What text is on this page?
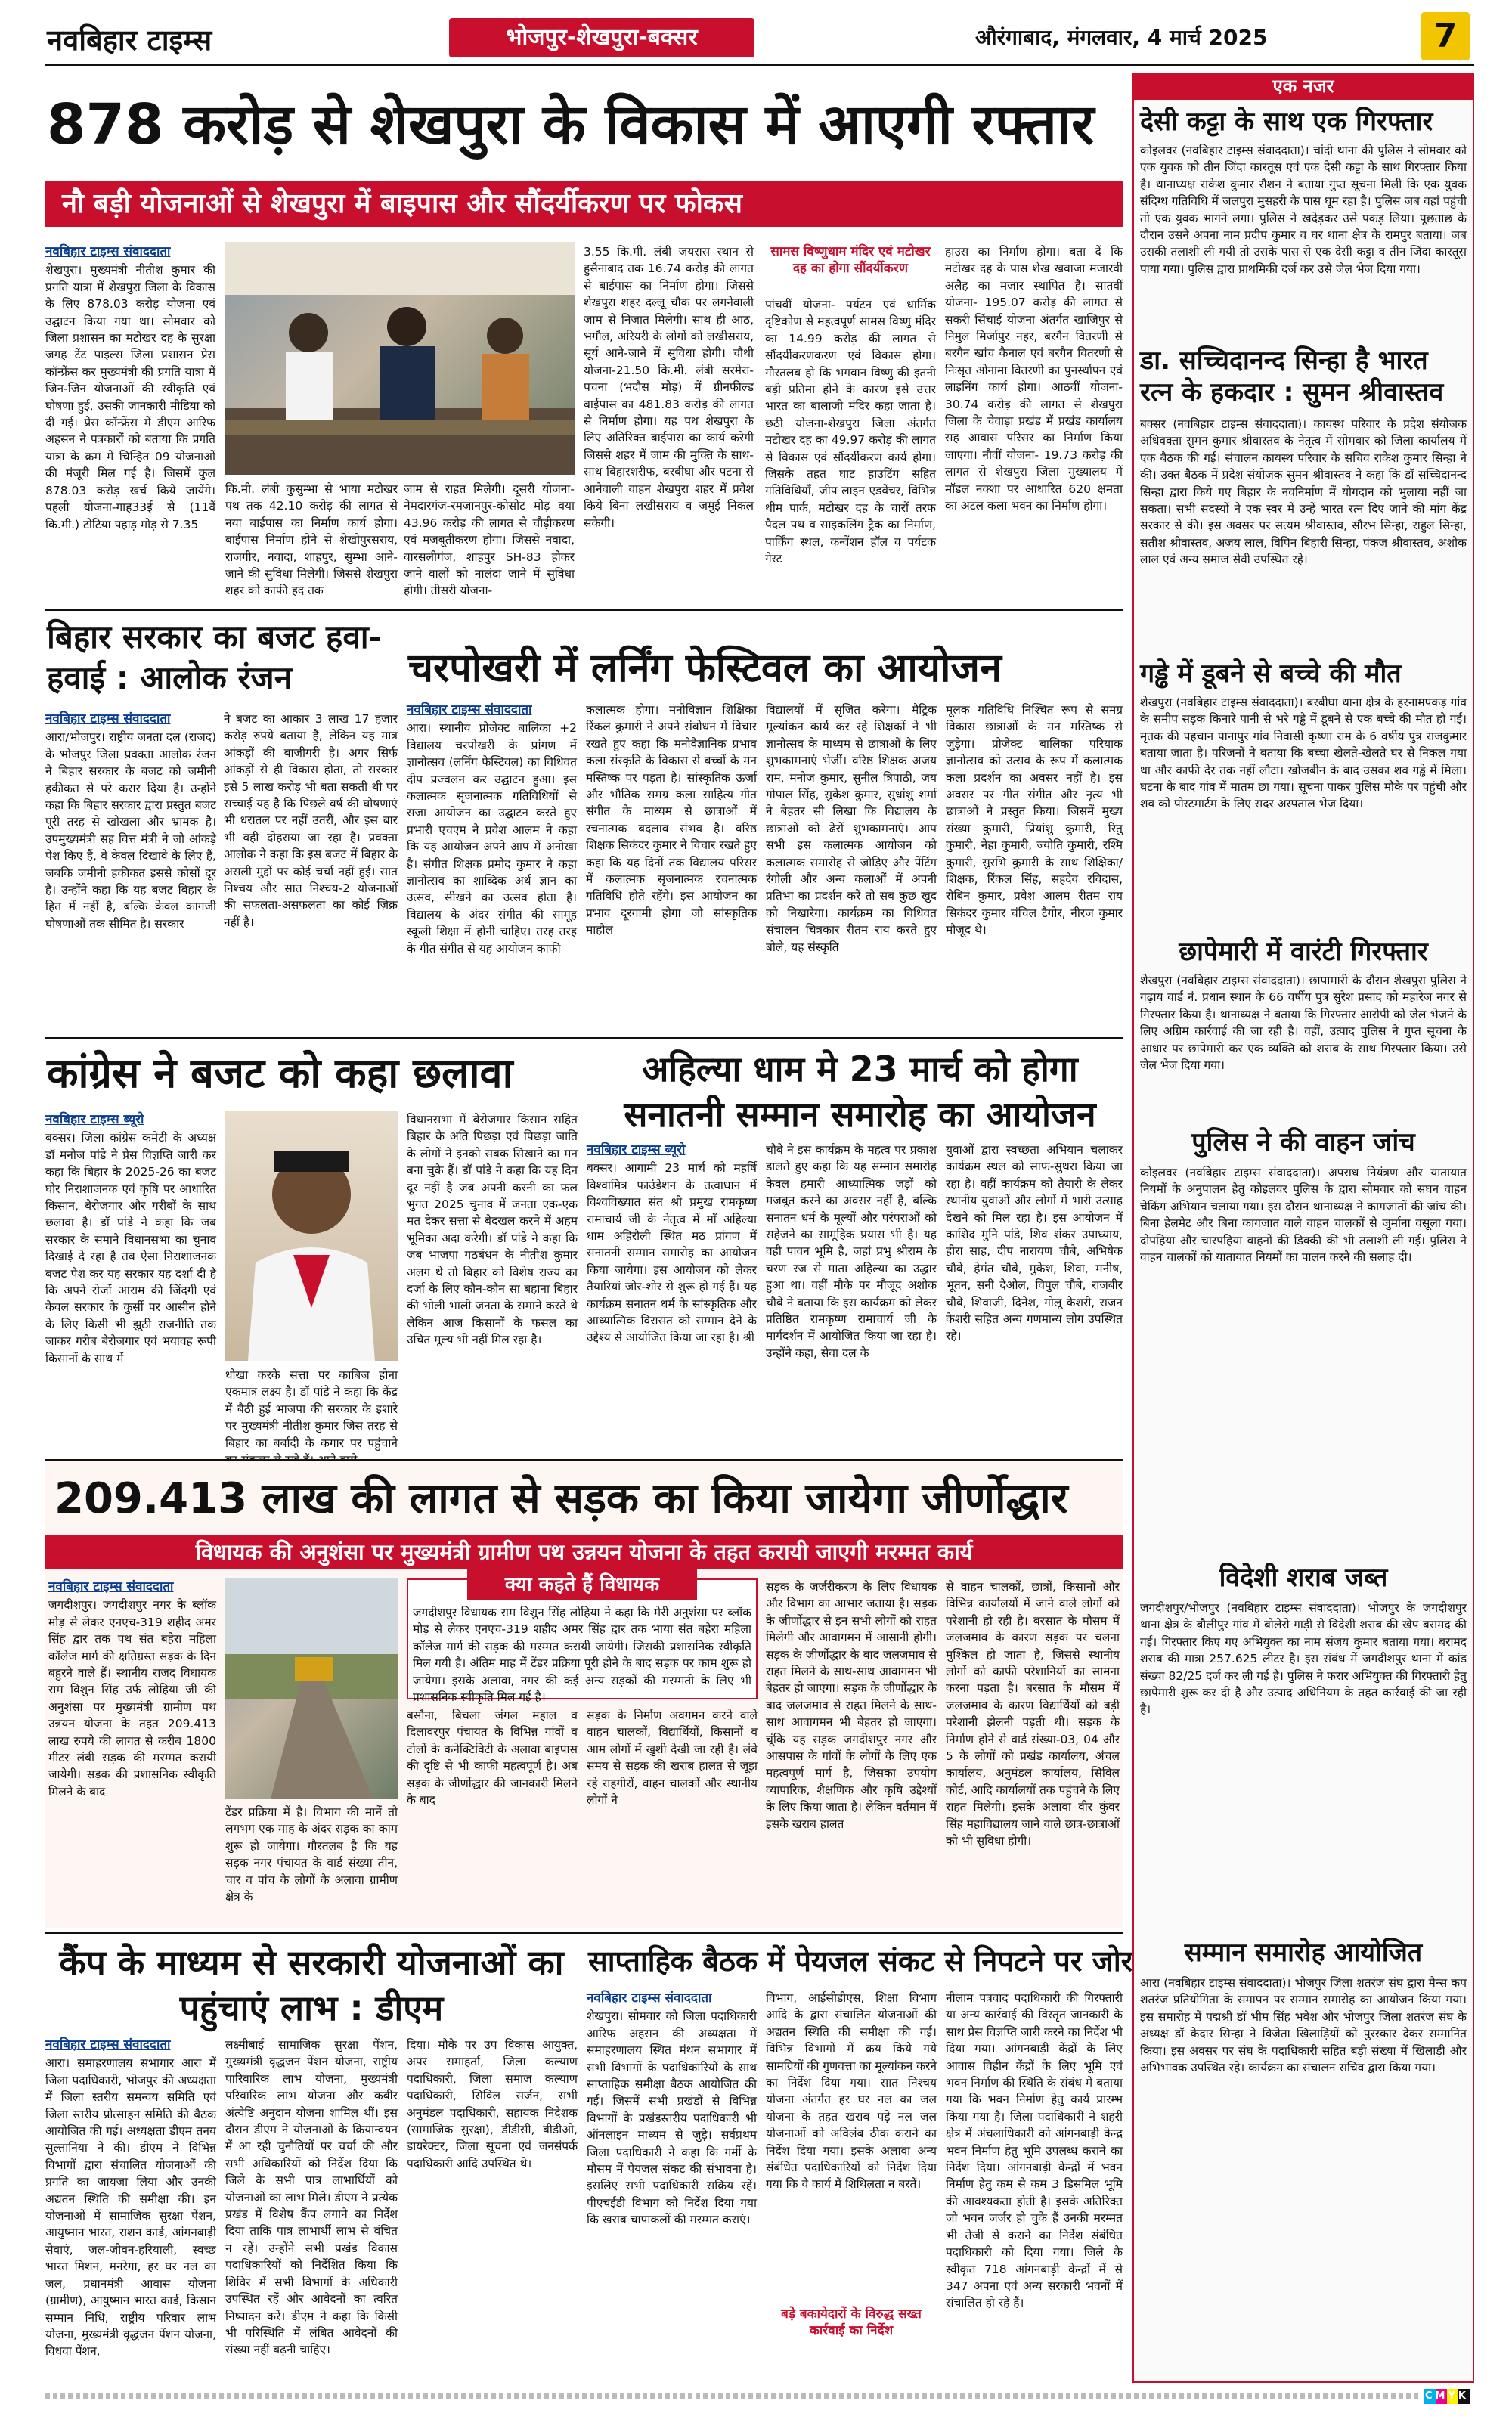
नवबिहार टाइम्स	भोजपुर-शेखपुरा-बक्सर	औरंगाबाद, मंगलवार, 4 मार्च 2025	7
878 करोड़ से शेखपुरा के विकास में आएगी रफ्तार
नौ बड़ी योजनाओं से शेखपुरा में बाइपास और सौंदर्यीकरण पर फोकस
नवबिहार टाइम्स संवाददाता
शेखपुरा। मुख्यमंत्री नीतीश कुमार की प्रगति यात्रा में शेखपुरा जिला के विकास के लिए 878.03 करोड़ योजना एवं उद्घाटन किया गया था। सोमवार को जिला प्रशासन का मटोखर दह के सुरक्षा जगह टेंट पाइल्स जिला प्रशासन प्रेस कॉन्फ्रेंस कर मुख्यमंत्री की प्रगति यात्रा में जिन-जिन योजनाओं की स्वीकृति एवं घोषणा हुई, उसकी जानकारी मीडिया को दी गई। प्रेस कॉन्फ्रेंस में डीएम आरिफ अहसन ने पत्रकारों को बताया कि प्रगति यात्रा के क्रम में चिन्हित 09 योजनाओं की मंजूरी मिल गई है। जिसमें कुल 878.03 करोड़ खर्च किये जायेंगे। पहली योजना-गाह33ई से (11वें कि.मी.) टोटिया पहाड़ मोड़ से 7.35
कि.मी. लंबी कुसुम्भा से भाया मटोखर पथ तक 42.10 करोड़ की लागत से नया बाईपास का निर्माण कार्य होगा। बाईपास निर्माण होने से शेखोपुरसराय, राजगीर, नवादा, शाहपुर, सुम्भा आने-जाने की सुविधा मिलेगी। जिससे शेखपुरा शहर को काफी हद तक
जाम से राहत मिलेगी। दूसरी योजना-नेमदारगंज-रमजानपुर-कोसोट मोड़ वया 43.96 करोड़ की लागत से चौड़ीकरण एवं मजबूतीकरण होगा। जिससे नवादा, वारसलीगंज, शाहपुर SH-83 होकर जाने वालों को नालंदा जाने में सुविधा होगी। तीसरी योजना-
3.55 कि.मी. लंबी जयरास स्थान से हुसैनाबाद तक 16.74 करोड़ की लागत से बाईपास का निर्माण होगा। जिससे शेखपुरा शहर दल्लू चौक पर लगनेवाली जाम से निजात मिलेगी। साथ ही आठ, भगौल, अरियरी के लोगों को लखीसराय, सूर्य आने-जाने में सुविधा होगी। चौथी योजना-21.50 कि.मी. लंबी सरमेरा-पचना (भदौस मोड़) में ग्रीनफील्ड बाईपास का 481.83 करोड़ की लागत से निर्माण होगा। यह पथ शेखपुरा के लिए अतिरिक्त बाईपास का कार्य करेगी जिससे शहर में जाम की मुक्ति के साथ-साथ बिहारशरीफ, बरबीघा और पटना से आनेवाली वाहन शेखपुरा शहर में प्रवेश किये बिना लखीसराय व जमुई निकल सकेगी।
सामस विष्णुधाम मंदिर एवं मटोखर दह का होगा सौंदर्यीकरण
पांचवीं योजना- पर्यटन एवं धार्मिक दृष्टिकोण से महत्वपूर्ण सामस विष्णु मंदिर का 14.99 करोड़ की लागत से सौंदर्यीकरणकरण एवं विकास होगा। गौरतलब हो कि भगवान विष्णु की इतनी बड़ी प्रतिमा होने के कारण इसे उत्तर भारत का बालाजी मंदिर कहा जाता है। छठी योजना-शेखपुरा जिला अंतर्गत मटोखर दह का 49.97 करोड़ की लागत से विकास एवं सौंदर्यीकरण कार्य होगा। जिसके तहत घाट हाउटिंग सहित गतिविधियाँ, जीप लाइन एडवेंचर, विभिन्न थीम पार्क, मटोखर दह के चारों तरफ पैदल पथ व साइकलिंग ट्रैक का निर्माण, पार्किंग स्थल, कन्वेंशन हॉल व पर्यटक गेस्ट
हाउस का निर्माण होगा। बता दें कि मटोखर दह के पास शेख खवाजा मजारवी अलैह का मजार स्थापित है। सातवीं योजना- 195.07 करोड़ की लागत से सकरी सिंचाई योजना अंतर्गत खाजिपुर से निमुल मिर्जापुर नहर, बरगैन वितरणी से बरगैन खांच कैनाल एवं बरगैन वितरणी से निःसृत ओनामा वितरणी का पुनर्स्थापन एवं लाइनिंग कार्य होगा। आठवीं योजना- 30.74 करोड़ की लागत से शेखपुरा जिला के चेवाड़ा प्रखंड में प्रखंड कार्यालय सह आवास परिसर का निर्माण किया जाएगा। नौवीं योजना- 19.73 करोड़ की लागत से शेखपुरा जिला मुख्यालय में मॉडल नक्शा पर आधारित 620 क्षमता का अटल कला भवन का निर्माण होगा।
बिहार सरकार का बजट हवा-हवाई : आलोक रंजन
नवबिहार टाइम्स संवाददाता
आरा/भोजपुर। राष्ट्रीय जनता दल (राजद) के भोजपुर जिला प्रवक्ता आलोक रंजन ने बिहार सरकार के बजट को जमीनी हकीकत से परे करार दिया है। उन्होंने कहा कि बिहार सरकार द्वारा प्रस्तुत बजट पूरी तरह से खोखला और भ्रामक है। उपमुख्यमंत्री सह वित्त मंत्री ने जो आंकड़े पेश किए हैं, वे केवल दिखावे के लिए हैं, जबकि जमीनी हकीकत इससे कोसों दूर है। उन्होंने कहा कि यह बजट बिहार के हित में नहीं है, बल्कि केवल कागजी घोषणाओं तक सीमित है। सरकार
ने बजट का आकार 3 लाख 17 हजार करोड़ रुपये बताया है, लेकिन यह मात्र आंकड़ों की बाजीगरी है। अगर सिर्फ आंकड़ों से ही विकास होता, तो सरकार इसे 5 लाख करोड़ भी बता सकती थी पर सच्चाई यह है कि पिछले वर्ष की घोषणाएं भी धरातल पर नहीं उतरीं, और इस बार भी वही दोहराया जा रहा है। प्रवक्ता आलोक ने कहा कि इस बजट में बिहार के असली मुद्दों पर कोई चर्चा नहीं हुई। सात निश्चय और सात निश्चय-2 योजनाओं की सफलता-असफलता का कोई ज़िक्र नहीं है।
चरपोखरी में लर्निंग फेस्टिवल का आयोजन
नवबिहार टाइम्स संवाददाता
आरा। स्थानीय प्रोजेक्ट बालिका +2 विद्यालय चरपोखरी के प्रांगण में ज्ञानोत्सव (लर्निंग फेस्टिवल) का विधिवत दीप प्रज्वलन कर उद्घाटन हुआ। इस कलात्मक सृजनात्मक गतिविधियों से सजा आयोजन का उद्घाटन करते हुए प्रभारी एचएम ने प्रवेश आलम ने कहा कि यह आयोजन अपने आप में अनोखा है। संगीत शिक्षक प्रमोद कुमार ने कहा ज्ञानोत्सव का शाब्दिक अर्थ ज्ञान का उत्सव, सीखने का उत्सव होता है। विद्यालय के अंदर संगीत की सामूह स्कूली शिक्षा में होनी चाहिए। तरह तरह के गीत संगीत से यह आयोजन काफी
कलात्मक होगा। मनोविज्ञान शिक्षिका रिंकल कुमारी ने अपने संबोधन में विचार रखते हुए कहा कि मनोवैज्ञानिक प्रभाव कला संस्कृति के विकास से बच्चों के मन मस्तिष्क पर पड़ता है। सांस्कृतिक ऊर्जा और भौतिक समग्र कला साहित्य गीत संगीत के माध्यम से छात्राओं में रचनात्मक बदलाव संभव है। वरिष्ठ शिक्षक सिकंदर कुमार ने विचार रखते हुए कहा कि यह दिनों तक विद्यालय परिसर में कलात्मक सृजनात्मक रचनात्मक गतिविधि होते रहेंगे। इस आयोजन का प्रभाव दूरगामी होगा जो सांस्कृतिक माहौल
विद्यालयों में सृजित करेगा। मैट्रिक मूल्यांकन कार्य कर रहे शिक्षकों ने भी ज्ञानोत्सव के माध्यम से छात्राओं के लिए शुभकामनाएं भेजीं। वरिष्ठ शिक्षक अजय राम, मनोज कुमार, सुनील त्रिपाठी, जय गोपाल सिंह, सुकेश कुमार, सुधांशु शर्मा ने बेहतर सी लिखा कि विद्यालय के छात्राओं को ढेरों शुभकामनाएं। आप सभी इस कलात्मक आयोजन को कलात्मक समारोह से जोड़िए और पेंटिंग रंगोली और अन्य कलाओं में अपनी प्रतिभा का प्रदर्शन करें तो सब कुछ खुद को निखारेगा। कार्यक्रम का विधिवत संचालन चित्रकार रीतम राय करते हुए बोले, यह संस्कृति
मूलक गतिविधि निश्चित रूप से समग्र विकास छात्राओं के मन मस्तिष्क से जुड़ेगा। प्रोजेक्ट बालिका परियाक ज्ञानोत्सव को उत्सव के रूप में कलात्मक कला प्रदर्शन का अवसर नहीं है। इस अवसर पर गीत संगीत और नृत्य भी छात्राओं ने प्रस्तुत किया। जिसमें मुख्य संख्या कुमारी, प्रियांशु कुमारी, रितु कुमारी, नेहा कुमारी, ज्योति कुमारी, रश्मि कुमारी, सुरभि कुमारी के साथ शिक्षिका/शिक्षक, रिंकल सिंह, सहदेव रविदास, रोबिन कुमार, प्रवेश आलम रीतम राय सिकंदर कुमार चंचिल टैगोर, नीरज कुमार मौजूद थे।
कांग्रेस ने बजट को कहा छलावा
नवबिहार टाइम्स ब्यूरो
बक्सर। जिला कांग्रेस कमेटी के अध्यक्ष डॉ मनोज पांडे ने प्रेस विज्ञप्ति जारी कर कहा कि बिहार के 2025-26 का बजट घोर निराशाजनक एवं कृषि पर आधारित किसान, बेरोजगार और गरीबों के साथ छलावा है। डॉ पांडे ने कहा कि जब सरकार के समाने विधानसभा का चुनाव दिखाई दे रहा है तब ऐसा निराशाजनक बजट पेश कर यह सरकार यह दर्शा दी है कि अपने रोजों आराम की जिंदगी एवं केवल सरकार के कुर्सी पर आसीन होने के लिए किसी भी झूठी राजनीति तक जाकर गरीब बेरोजगार एवं भयावह रूपी किसानों के साथ में
धोखा करके सत्ता पर काबिज होना एकमात्र लक्ष्य है। डॉ पांडे ने कहा कि केंद्र में बैठी हुई भाजपा की सरकार के इशारे पर मुख्यमंत्री नीतीश कुमार जिस तरह से बिहार का बर्बादी के कगार पर पहुंचाने
विधानसभा में बेरोजगार किसान सहित बिहार के अति पिछड़ा एवं पिछड़ा जाति के लोगों ने इनको सबक सिखाने का मन बना चुके हैं। डॉ पांडे ने कहा कि यह दिन दूर नहीं है जब अपनी करनी का फल भुगत 2025 चुनाव में जनता एक-एक मत देकर सत्ता से बेदखल करने में अहम भूमिका अदा करेगी। डॉ पांडे ने कहा कि जब भाजपा गठबंधन के नीतीश कुमार अलग थे तो बिहार को विशेष राज्य का दर्जा के लिए कौन-कौन सा बहाना बिहार की भोली भाली जनता के समाने करते थे लेकिन आज किसानों के फसल का उचित मूल्य भी नहीं मिल रहा है।
अहिल्या धाम मे 23 मार्च को होगा सनातनी सम्मान समारोह का आयोजन
नवबिहार टाइम्स ब्यूरो
बक्सर। आगामी 23 मार्च को महर्षि विश्वामित्र फाउंडेशन के तत्वाधान में विश्वविख्यात संत श्री प्रमुख रामकृष्ण रामाचार्य जी के नेतृत्व में माँ अहिल्या धाम अहिरौली स्थित मठ प्रांगण में सनातनी सम्मान समारोह का आयोजन किया जायेगा। इस आयोजन को लेकर तैयारियां जोर-शोर से शुरू हो गई हैं। यह कार्यक्रम सनातन धर्म के सांस्कृतिक और आध्यात्मिक विरासत को सम्मान देने के उद्देश्य से आयोजित किया जा रहा है। श्री
चौबे ने इस कार्यक्रम के महत्व पर प्रकाश डालते हुए कहा कि यह सम्मान समारोह केवल हमारी आध्यात्मिक जड़ों को मजबूत करने का अवसर नहीं है, बल्कि सनातन धर्म के मूल्यों और परंपराओं को सहेजने का सामूहिक प्रयास भी है। यह वही पावन भूमि है, जहां प्रभु श्रीराम के चरण रज से माता अहिल्या का उद्धार हुआ था। वहीं मौके पर मौजूद अशोक चौबे ने बताया कि इस कार्यक्रम को लेकर प्रतिष्ठित रामकृष्ण रामाचार्य जी के मार्गदर्शन में आयोजित किया जा रहा है। उन्होंने कहा, सेवा दल के
युवाओं द्वारा स्वच्छता अभियान चलाकर कार्यक्रम स्थल को साफ-सुथरा किया जा रहा है। वहीं कार्यक्रम को तैयारी के लेकर स्थानीय युवाओं और लोगों में भारी उत्साह देखने को मिल रहा है। इस आयोजन में काशिद मुनि पांडे, शिव शंकर उपाध्याय, हीरा साह, दीप नारायण चौबे, अभिषेक चौबे, हेमंत चौबे, मुकेश, शिवा, मनीष, भूतन, सनी देओल, विपुल चौबे, राजबीर चौबे, शिवाजी, दिनेश, गोलू केशरी, राजन केशरी सहित अन्य गणमान्य लोग उपस्थित रहे।
209.413 लाख की लागत से सड़क का किया जायेगा जीर्णोद्धार
विधायक की अनुशंसा पर मुख्यमंत्री ग्रामीण पथ उन्नयन योजना के तहत करायी जाएगी मरम्मत कार्य
नवबिहार टाइम्स संवाददाता
जगदीशपुर। जगदीशपुर नगर के ब्लॉक मोड़ से लेकर एनएच-319 शहीद अमर सिंह द्वार तक पथ संत बहेरा महिला कॉलेज मार्ग की क्षतिग्रस्त सड़क के दिन बहुरने वाले हैं। स्थानीय राजद विधायक राम विशुन सिंह उर्फ लोहिया जी की अनुशंसा पर मुख्यमंत्री ग्रामीण पथ उन्नयन योजना के तहत 209.413 लाख रुपये की लागत से करीब 1800 मीटर लंबी सड़क की मरम्मत करायी जायेगी। सड़क की प्रशासनिक स्वीकृति मिलने के बाद
टेंडर प्रक्रिया में है। विभाग की मानें तो लगभग एक माह के अंदर सड़क का काम शुरू हो जायेगा। गौरतलब है कि यह सड़क नगर पंचायत के वार्ड संख्या तीन, चार व पांच के लोगों के अलावा ग्रामीण क्षेत्र के
क्या कहते हैं विधायक
जगदीशपुर विधायक राम विशुन सिंह लोहिया ने कहा कि मेरी अनुशंसा पर ब्लॉक मोड़ से लेकर एनएच-319 शहीद अमर सिंह द्वार तक भाया संत बहेरा महिला कॉलेज मार्ग की सड़क की मरम्मत करायी जायेगी। जिसकी प्रशासनिक स्वीकृति मिल गयी है। अंतिम माह में टेंडर प्रक्रिया पूरी होने के बाद सड़क पर काम शुरू हो जायेगा। इसके अलावा, नगर की कई अन्य सड़कों की मरम्मती के लिए भी प्रशासनिक स्वीकृति मिल गई है।
बसौना, बिचला जंगल महाल व दिलावरपुर पंचायत के विभिन्न गांवों व टोलों के कनेक्टिविटी के अलावा बाइपास की दृष्टि से भी काफी महत्वपूर्ण है। अब सड़क के जीर्णोद्धार की जानकारी मिलने के बाद
सड़क के निर्माण अवगमन करने वाले वाहन चालकों, विद्यार्थियों, किसानों व आम लोगों में खुशी देखी जा रही है। लंबे समय से सड़क की खराब हालत से जूझ रहे राहगीरों, वाहन चालकों और स्थानीय लोगों ने
सड़क के जर्जरीकरण के लिए विधायक और विभाग का आभार जताया है। सड़क के जीर्णोद्धार से इन सभी लोगों को राहत मिलेगी और आवागमन में आसानी होगी। सड़क के जीर्णोद्धार के बाद जलजमाव से राहत मिलने के साथ-साथ आवागमन भी बेहतर हो जाएगा। सड़क के जीर्णोद्धार के बाद जलजमाव से राहत मिलने के साथ-साथ आवागमन भी बेहतर हो जाएगा। चूंकि यह सड़क जगदीशपुर नगर और आसपास के गांवों के लोगों के लिए एक महत्वपूर्ण मार्ग है, जिसका उपयोग व्यापारिक, शैक्षणिक और कृषि उद्देश्यों के लिए किया जाता है। लेकिन वर्तमान में इसके खराब हालत
से वाहन चालकों, छात्रों, किसानों और विभिन्न कार्यालयों में जाने वाले लोगों को परेशानी हो रही है। बरसात के मौसम में जलजमाव के कारण सड़क पर चलना मुश्किल हो जाता है, जिससे स्थानीय लोगों को काफी परेशानियों का सामना करना पड़ता है। बरसात के मौसम में जलजमाव के कारण विद्यार्थियों को बड़ी परेशानी झेलनी पड़ती थी। सड़क के निर्माण होने से वार्ड संख्या-03, 04 और 5 के लोगों को प्रखंड कार्यालय, अंचल कार्यालय, अनुमंडल कार्यालय, सिविल कोर्ट, आदि कार्यालयों तक पहुंचने के लिए राहत मिलेगी। इसके अलावा वीर कुंवर सिंह महाविद्यालय जाने वाले छात्र-छात्राओं को भी सुविधा होगी।
कैंप के माध्यम से सरकारी योजनाओं का पहुंचाएं लाभ : डीएम
नवबिहार टाइम्स संवाददाता
आरा। समाहरणालय सभागार आरा में जिला पदाधिकारी, भोजपुर की अध्यक्षता में जिला स्तरीय समन्वय समिति एवं जिला स्तरीय प्रोत्साहन समिति की बैठक आयोजित की गई। अध्यक्षता डीएम तनय सुल्तानिया ने की। डीएम ने विभिन्न विभागों द्वारा संचालित योजनाओं की प्रगति का जायजा लिया और उनकी अद्यतन स्थिति की समीक्षा की। इन योजनाओं में सामाजिक सुरक्षा पेंशन, आयुष्मान भारत, राशन कार्ड, आंगनबाड़ी सेवाएं, जल-जीवन-हरियाली, स्वच्छ भारत मिशन, मनरेगा, हर घर नल का जल, प्रधानमंत्री आवास योजना (ग्रामीण), आयुष्मान भारत कार्ड, किसान सम्मान निधि, राष्ट्रीय परिवार लाभ योजना, मुख्यमंत्री वृद्धजन पेंशन योजना, विधवा पेंशन,
लक्ष्मीबाई सामाजिक सुरक्षा पेंशन, मुख्यमंत्री वृद्धजन पेंशन योजना, राष्ट्रीय पारिवारिक लाभ योजना, मुख्यमंत्री परिवारिक लाभ योजना और कबीर अंत्येष्टि अनुदान योजना शामिल थीं। इस दौरान डीएम ने योजनाओं के क्रियान्वयन में आ रही चुनौतियों पर चर्चा की और सभी अधिकारियों को निर्देश दिया कि जिले के सभी पात्र लाभार्थियों को योजनाओं का लाभ मिले। डीएम ने प्रत्येक प्रखंड में विशेष कैंप लगाने का निर्देश दिया ताकि पात्र लाभार्थी लाभ से वंचित न रहें। उन्होंने सभी प्रखंड विकास पदाधिकारियों को निर्देशित किया कि शिविर में सभी विभागों के अधिकारी उपस्थित रहें और आवेदनों का त्वरित निष्पादन करें। डीएम ने कहा कि किसी भी परिस्थिति में लंबित आवेदनों की संख्या नहीं बढ़नी चाहिए।
दिया। मौके पर उप विकास आयुक्त, अपर समाहर्ता, जिला कल्याण पदाधिकारी, जिला समाज कल्याण पदाधिकारी, सिविल सर्जन, सभी अनुमंडल पदाधिकारी, सहायक निदेशक (सामाजिक सुरक्षा), डीडीसी, बीडीओ, डायरेक्टर, जिला सूचना एवं जनसंपर्क पदाधिकारी आदि उपस्थित थे।
साप्ताहिक बैठक में पेयजल संकट से निपटने पर जोर
नवबिहार टाइम्स संवाददाता
शेखपुरा। सोमवार को जिला पदाधिकारी आरिफ अहसन की अध्यक्षता में समाहरणालय स्थित मंथन सभागार में सभी विभागों के पदाधिकारियों के साथ साप्ताहिक समीक्षा बैठक आयोजित की गई। जिसमें सभी प्रखंडों से विभिन्न विभागों के प्रखंडस्तरीय पदाधिकारी भी ऑनलाइन माध्यम से जुड़े। सर्वप्रथम जिला पदाधिकारी ने कहा कि गर्मी के मौसम में पेयजल संकट की संभावना है। इसलिए सभी पदाधिकारी सक्रिय रहें। पीएचईडी विभाग को निर्देश दिया गया कि खराब चापाकलों की मरम्मत कराएं।
विभाग, आईसीडीएस, शिक्षा विभाग आदि के द्वारा संचालित योजनाओं की अद्यतन स्थिति की समीक्षा की गई। विभिन्न विभागों में क्रय किये गये सामग्रियों की गुणवत्ता का मूल्यांकन करने का निर्देश दिया गया। सात निश्चय योजना अंतर्गत हर घर नल का जल योजना के तहत खराब पड़े नल जल योजनाओं को अविलंब ठीक कराने का निर्देश दिया गया। इसके अलावा अन्य संबंधित पदाधिकारियों को निर्देश दिया गया कि वे कार्य में शिथिलता न बरतें।
बड़े बकायेदारों के विरुद्ध सख्त कार्रवाई का निर्देश
नीलाम पत्रवाद पदाधिकारी की गिरफ्तारी या अन्य कार्रवाई की विस्तृत जानकारी के साथ प्रेस विज्ञप्ति जारी करने का निर्देश भी दिया गया। आंगनबाड़ी केंद्रों के लिए आवास विहीन केंद्रों के लिए भूमि एवं भवन निर्माण की स्थिति के संबंध में बताया गया कि भवन निर्माण हेतु कार्य प्रारम्भ किया गया है। जिला पदाधिकारी ने शहरी क्षेत्र में अंचलाधिकारी को आंगनबाड़ी केन्द्र भवन निर्माण हेतु भूमि उपलब्ध कराने का निर्देश दिया। आंगनबाड़ी केन्द्रों में भवन निर्माण हेतु कम से कम 3 डिसमिल भूमि की आवश्यकता होती है। इसके अतिरिक्त जो भवन जर्जर हो चुके हैं उनकी मरम्मत भी तेजी से कराने का निर्देश संबंधित पदाधिकारी को दिया गया। जिले के स्वीकृत 718 आंगनबाड़ी केन्द्रों में से 347 अपना एवं अन्य सरकारी भवनों में संचालित हो रहे हैं।
एक नजर
देसी कट्टा के साथ एक गिरफ्तार
कोइलवर (नवबिहार टाइम्स संवाददाता)। चांदी थाना की पुलिस ने सोमवार को एक युवक को तीन जिंदा कारतूस एवं एक देसी कट्टा के साथ गिरफ्तार किया है। थानाध्यक्ष राकेश कुमार रौशन ने बताया गुप्त सूचना मिली कि एक युवक संदिग्ध गतिविधि में जलपुरा मुसहरी के पास घूम रहा है। पुलिस जब वहां पहुंची तो एक युवक भागने लगा। पुलिस ने खदेड़कर उसे पकड़ लिया। पूछताछ के दौरान उसने अपना नाम प्रदीप कुमार व घर थाना क्षेत्र के रामपुर बताया। जब उसकी तलाशी ली गयी तो उसके पास से एक देसी कट्टा व तीन जिंदा कारतूस पाया गया। पुलिस द्वारा प्राथमिकी दर्ज कर उसे जेल भेज दिया गया।
डा. सच्चिदानन्द सिन्हा है भारत रत्न के हकदार : सुमन श्रीवास्तव
बक्सर (नवबिहार टाइम्स संवाददाता)। कायस्थ परिवार के प्रदेश संयोजक अधिवक्ता सुमन कुमार श्रीवास्तव के नेतृत्व में सोमवार को जिला कार्यालय में एक बैठक की गई। संचालन कायस्थ परिवार के सचिव राकेश कुमार सिन्हा ने की। उक्त बैठक में प्रदेश संयोजक सुमन श्रीवास्तव ने कहा कि डॉ सच्चिदानन्द सिन्हा द्वारा किये गए बिहार के नवनिर्माण में योगदान को भुलाया नहीं जा सकता। सभी सदस्यों ने एक स्वर में उन्हें भारत रत्न दिए जाने की मांग केंद्र सरकार से की। इस अवसर पर सत्यम श्रीवास्तव, सौरभ सिन्हा, राहुल सिन्हा, सतीश श्रीवास्तव, अजय लाल, विपिन बिहारी सिन्हा, पंकज श्रीवास्तव, अशोक लाल एवं अन्य समाज सेवी उपस्थित रहे।
गड्ढे में डूबने से बच्चे की मौत
शेखपुरा (नवबिहार टाइम्स संवाददाता)। बरबीघा थाना क्षेत्र के हरनामपकड़ गांव के समीप सड़क किनारे पानी से भरे गड्ढे में डूबने से एक बच्चे की मौत हो गई। मृतक की पहचान पानापुर गांव निवासी कृष्णा राम के 6 वर्षीय पुत्र राजकुमार बताया जाता है। परिजनों ने बताया कि बच्चा खेलते-खेलते घर से निकल गया था और काफी देर तक नहीं लौटा। खोजबीन के बाद उसका शव गड्ढे में मिला। घटना के बाद गांव में मातम छा गया। सूचना पाकर पुलिस मौके पर पहुंची और शव को पोस्टमार्टम के लिए सदर अस्पताल भेज दिया।
छापेमारी में वारंटी गिरफ्तार
शेखपुरा (नवबिहार टाइम्स संवाददाता)। छापामारी के दौरान शेखपुरा पुलिस ने गढ़ाय वार्ड नं. प्रधान स्थान के 66 वर्षीय पुत्र सुरेश प्रसाद को महारेज नगर से गिरफ्तार किया है। थानाध्यक्ष ने बताया कि गिरफ्तार आरोपी को जेल भेजने के लिए अग्रिम कार्रवाई की जा रही है। वहीं, उत्पाद पुलिस ने गुप्त सूचना के आधार पर छापेमारी कर एक व्यक्ति को शराब के साथ गिरफ्तार किया। उसे जेल भेज दिया गया।
पुलिस ने की वाहन जांच
कोइलवर (नवबिहार टाइम्स संवाददाता)। अपराध नियंत्रण और यातायात नियमों के अनुपालन हेतु कोइलवर पुलिस के द्वारा सोमवार को सघन वाहन चेकिंग अभियान चलाया गया। इस दौरान थानाध्यक्ष ने कागजातों की जांच की। बिना हेलमेट और बिना कागजात वाले वाहन चालकों से जुर्माना वसूला गया। दोपहिया और चारपहिया वाहनों की डिक्की की भी तलाशी ली गई। पुलिस ने वाहन चालकों को यातायात नियमों का पालन करने की सलाह दी।
विदेशी शराब जब्त
जगदीशपुर/भोजपुर (नवबिहार टाइम्स संवाददाता)। भोजपुर के जगदीशपुर थाना क्षेत्र के बौलीपुर गांव में बोलेरो गाड़ी से विदेशी शराब की खेप बरामद की गई। गिरफ्तार किए गए अभियुक्त का नाम संजय कुमार बताया गया। बरामद शराब की मात्रा 257.625 लीटर है। इस संबंध में जगदीशपुर थाना में कांड संख्या 82/25 दर्ज कर ली गई है। पुलिस ने फरार अभियुक्त की गिरफ्तारी हेतु छापेमारी शुरू कर दी है और उत्पाद अधिनियम के तहत कार्रवाई की जा रही है।
सम्मान समारोह आयोजित
आरा (नवबिहार टाइम्स संवाददाता)। भोजपुर जिला शतरंज संघ द्वारा मैन्स कप शतरंज प्रतियोगिता के समापन पर सम्मान समारोह का आयोजन किया गया। इस समारोह में पद्मश्री डॉ भीम सिंह भवेश और भोजपुर जिला शतरंज संघ के अध्यक्ष डॉ केदार सिन्हा ने विजेता खिलाड़ियों को पुरस्कार देकर सम्मानित किया। इस अवसर पर संघ के पदाधिकारी सहित बड़ी संख्या में खिलाड़ी और अभिभावक उपस्थित रहे। कार्यक्रम का संचालन सचिव द्वारा किया गया।
CMYK
